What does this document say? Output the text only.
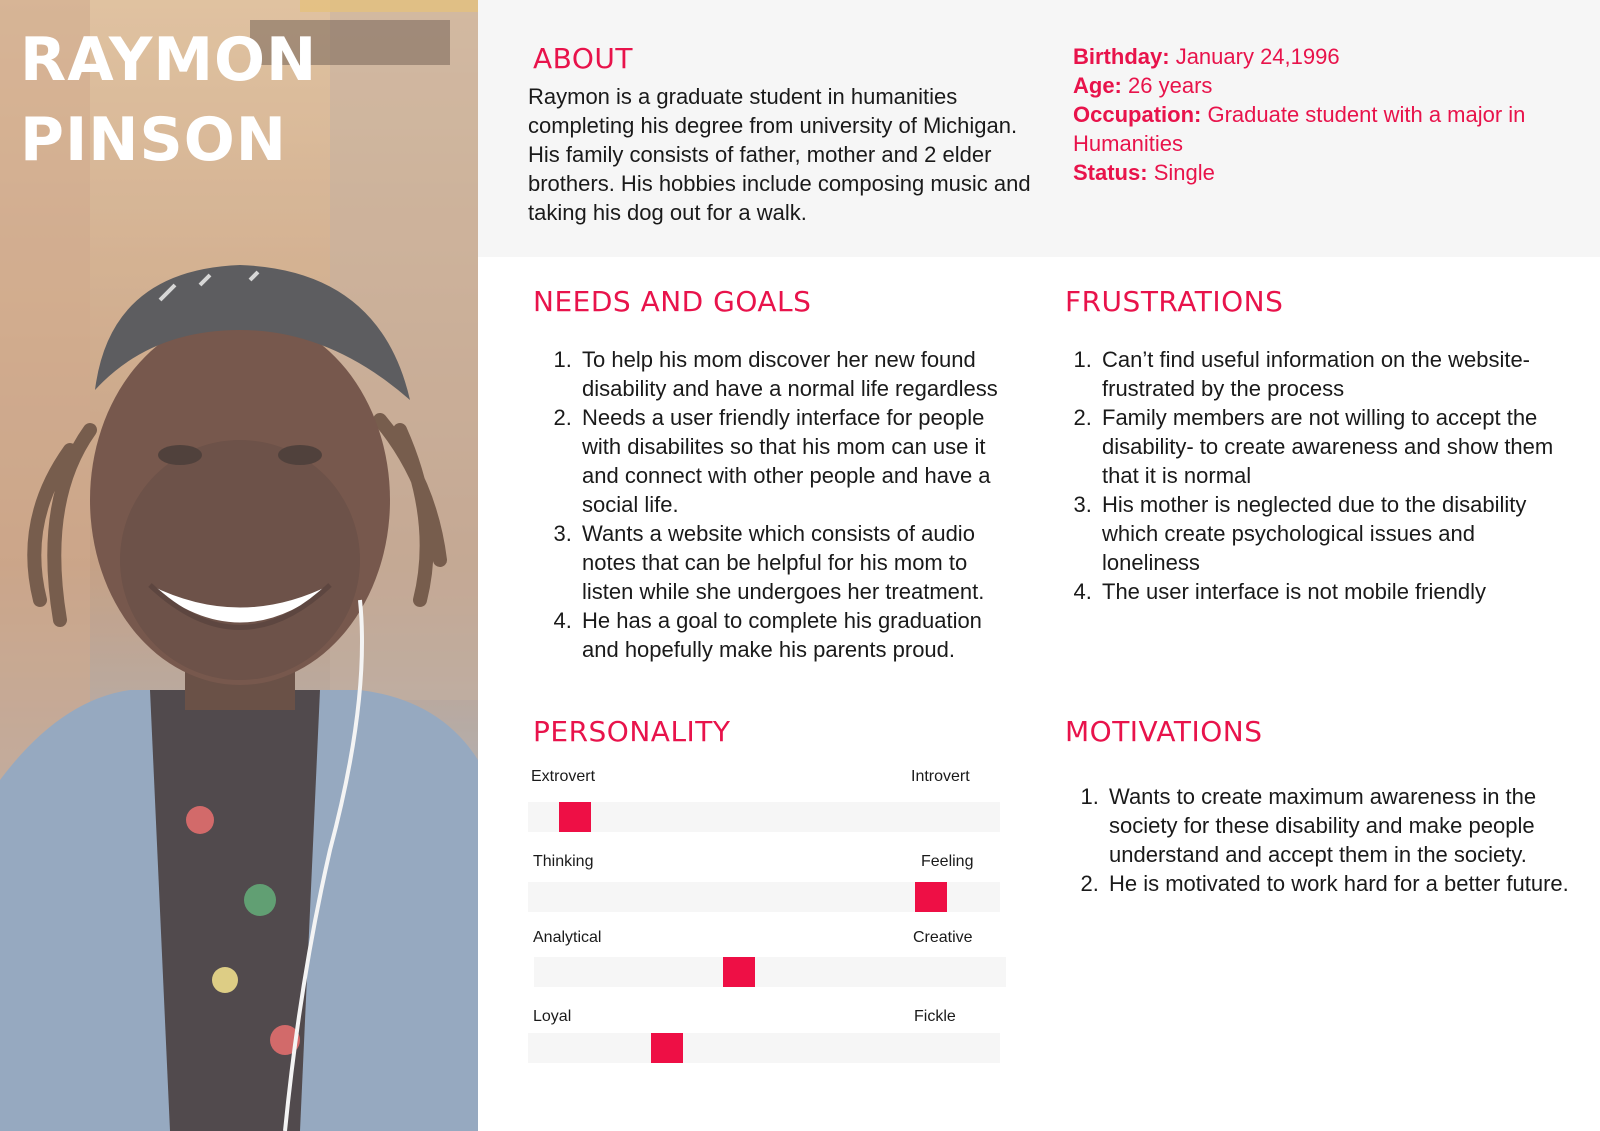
RAYMON
PINSON
ABOUT

Raymon is a graduate student in humanities completing his degree from university of Michigan. His family consists of father, mother and 2 elder brothers. His hobbies include composing music and taking his dog out for a walk.

Birthday: January 24,1996
Age: 26 years
Occupation: Graduate student with a major in Humanities
Status: Single

NEEDS AND GOALS
1. To help his mom discover her new found disability and have a normal life regardless
2. Needs a user friendly interface for people with disabilites so that his mom can use it and connect with other people and have a social life.
3. Wants a website which consists of audio notes that can be helpful for his mom to listen while she undergoes her treatment.
4. He has a goal to complete his graduation and hopefully make his parents proud.
FRUSTRATIONS
1. Can’t find useful information on the website- frustrated by the process
2. Family members are not willing to accept the disability- to create awareness and show them that it is normal
3. His mother is neglected due to the disability which create psychological issues and loneliness
4. The user interface is not mobile friendly
PERSONALITY
Extrovert	Introvert
Thinking	Feeling
Analytical	Creative
Loyal	Fickle
MOTIVATIONS
1. Wants to create maximum awareness in the society for these disability and make people understand and accept them in the society.
2. He is motivated to work hard for a better future.
